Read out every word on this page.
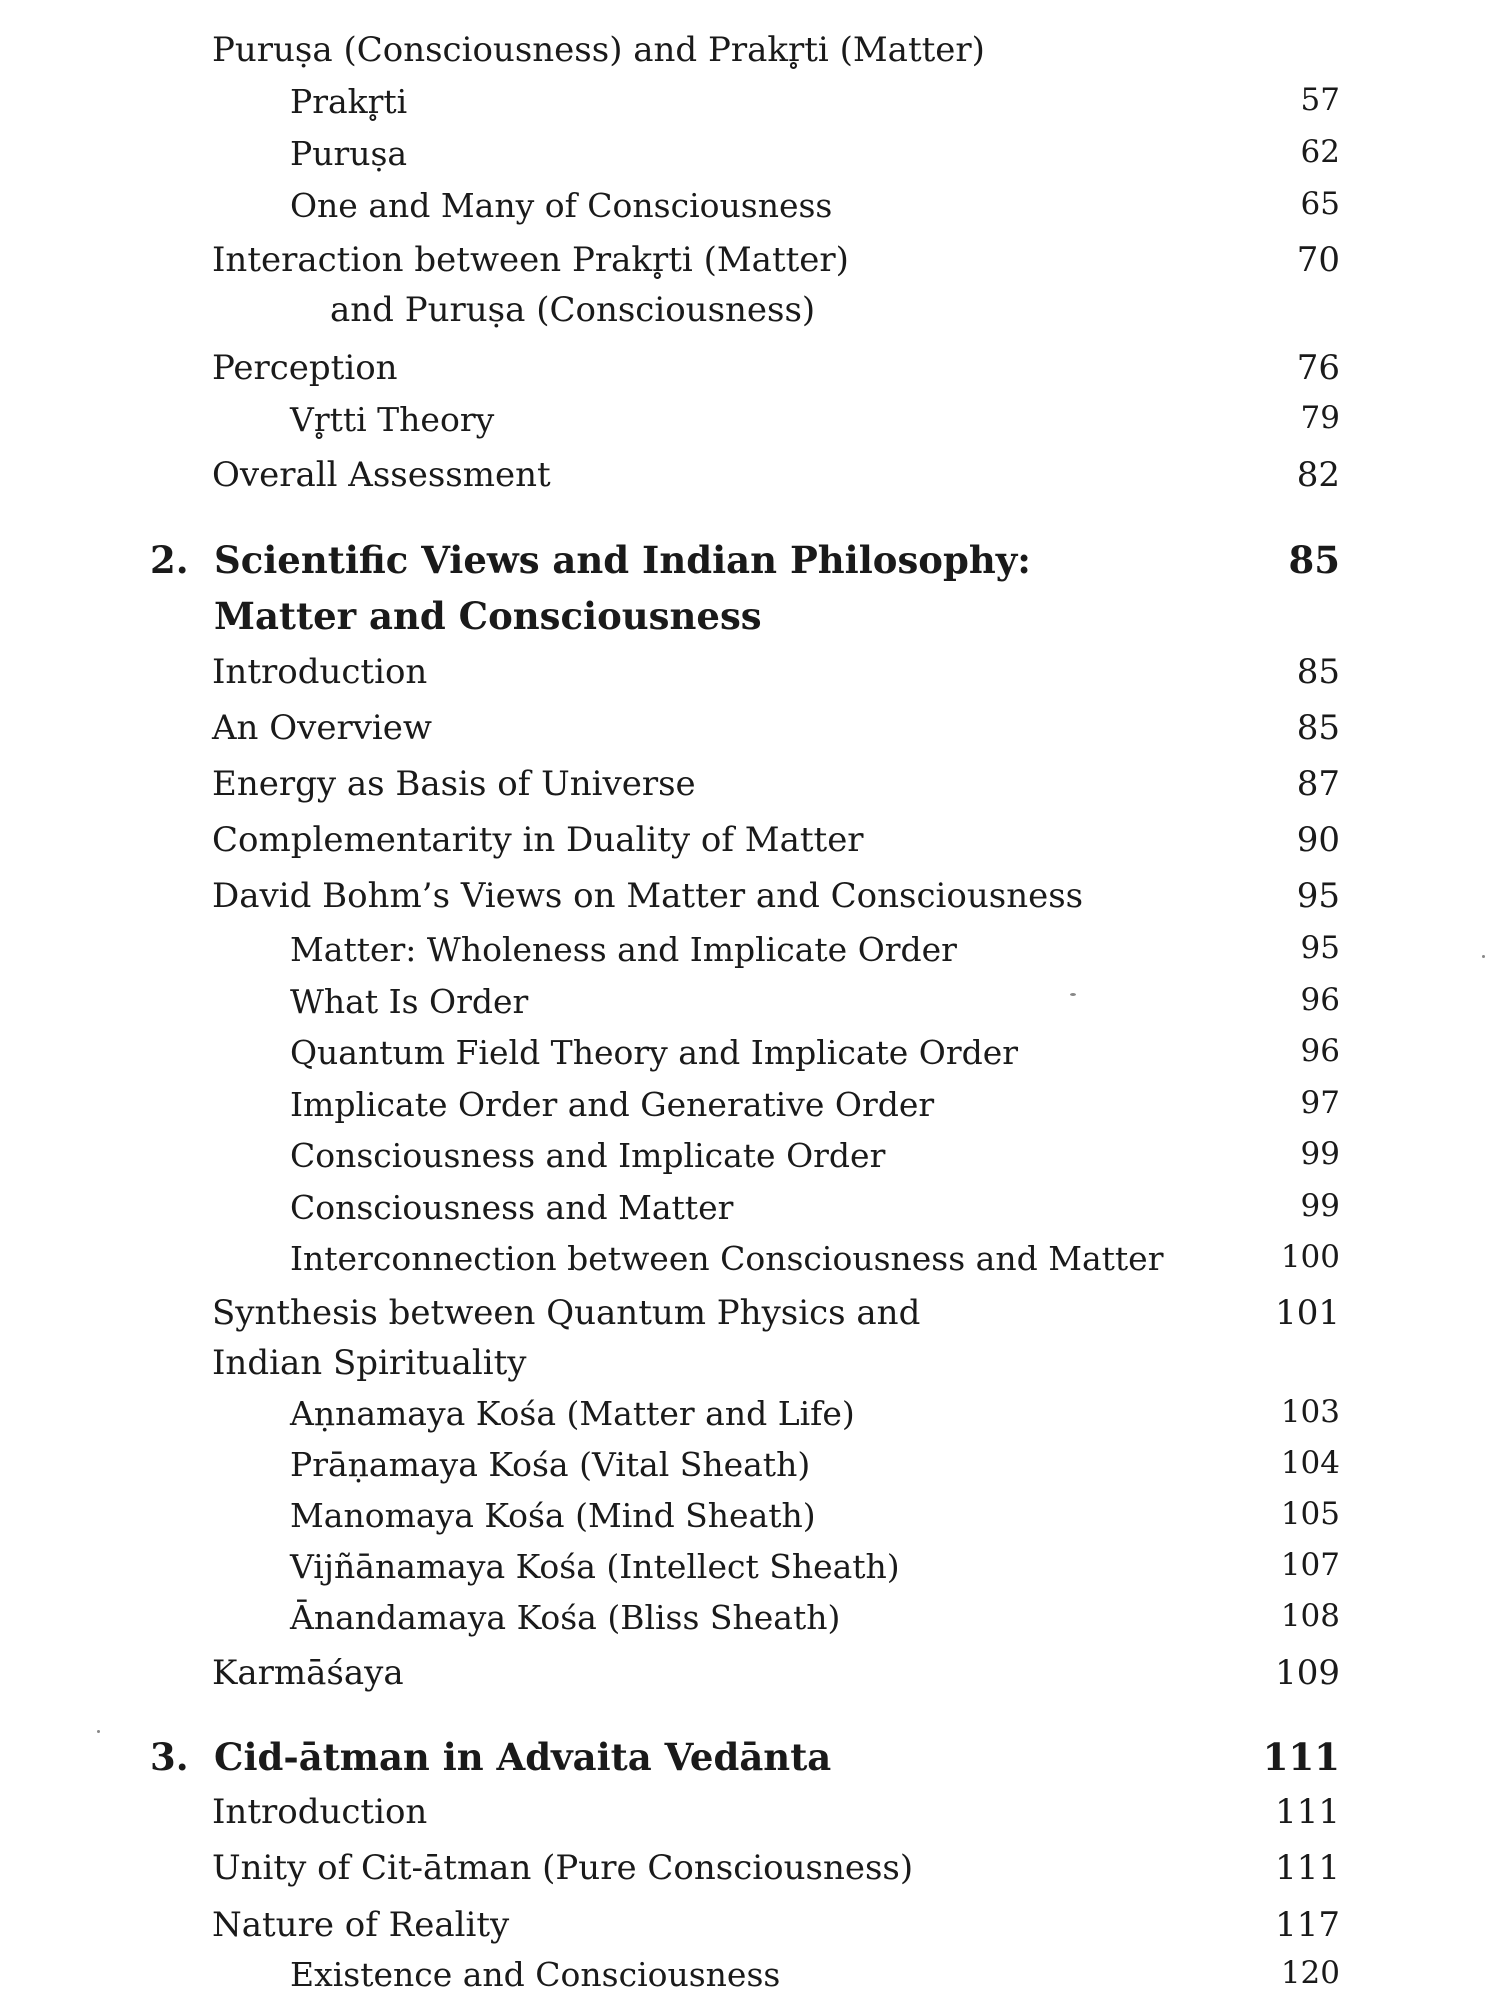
Puruṣa (Consciousness) and Prakr̥ti (Matter)
Prakr̥ti	57
Puruṣa	62
One and Many of Consciousness	65
Interaction between Prakr̥ti (Matter)	70
and Puruṣa (Consciousness)
Perception	76
Vr̥tti Theory	79
Overall Assessment	82
2. Scientific Views and Indian Philosophy:	85
Matter and Consciousness
Introduction	85
An Overview	85
Energy as Basis of Universe	87
Complementarity in Duality of Matter	90
David Bohm’s Views on Matter and Consciousness	95
Matter: Wholeness and Implicate Order	95
What Is Order	96
Quantum Field Theory and Implicate Order	96
Implicate Order and Generative Order	97
Consciousness and Implicate Order	99
Consciousness and Matter	99
Interconnection between Consciousness and Matter	100
Synthesis between Quantum Physics and	101
Indian Spirituality
Aṇnamaya Kośa (Matter and Life)	103
Prāṇamaya Kośa (Vital Sheath)	104
Manomaya Kośa (Mind Sheath)	105
Vijñānamaya Kośa (Intellect Sheath)	107
Ānandamaya Kośa (Bliss Sheath)	108
Karmāśaya	109
3. Cid-ātman in Advaita Vedānta	111
Introduction	111
Unity of Cit-ātman (Pure Consciousness)	111
Nature of Reality	117
Existence and Consciousness	120
